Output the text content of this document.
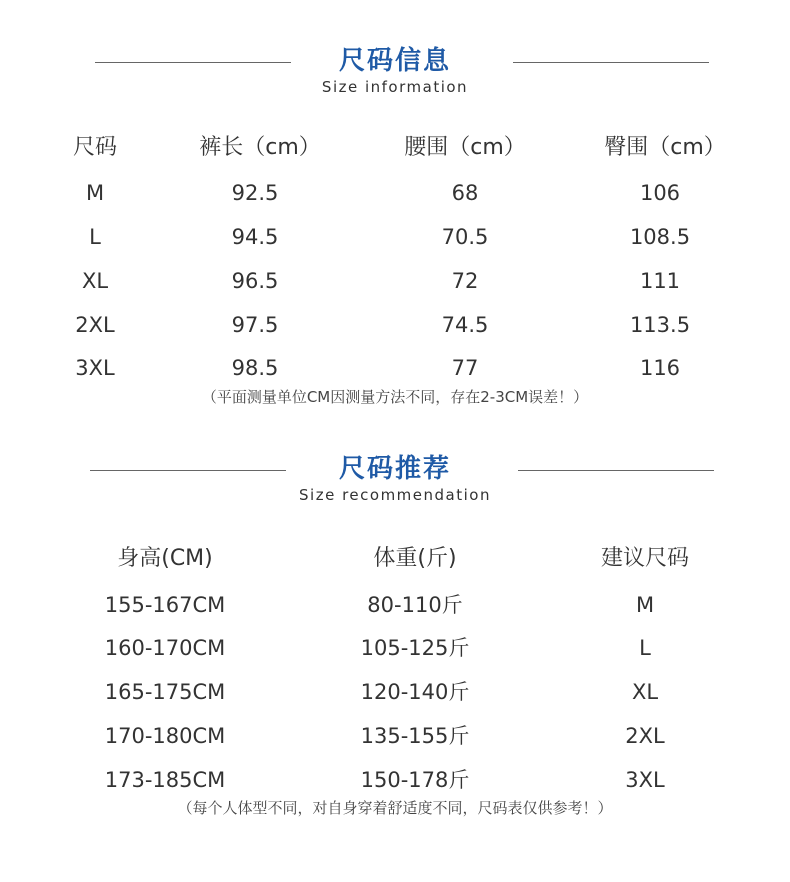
尺码信息
Size information
尺码	裤长（cm）	腰围（cm）	臀围（cm）
M	92.5	68	106
L	94.5	70.5	108.5
XL	96.5	72	111
2XL	97.5	74.5	113.5
3XL	98.5	77	116
（平面测量单位CM因测量方法不同，存在2-3CM误差！）
尺码推荐
Size recommendation
身高(CM)	体重(斤)	建议尺码
155-167CM	80-110斤	M
160-170CM	105-125斤	L
165-175CM	120-140斤	XL
170-180CM	135-155斤	2XL
173-185CM	150-178斤	3XL
（每个人体型不同，对自身穿着舒适度不同，尺码表仅供参考！）
